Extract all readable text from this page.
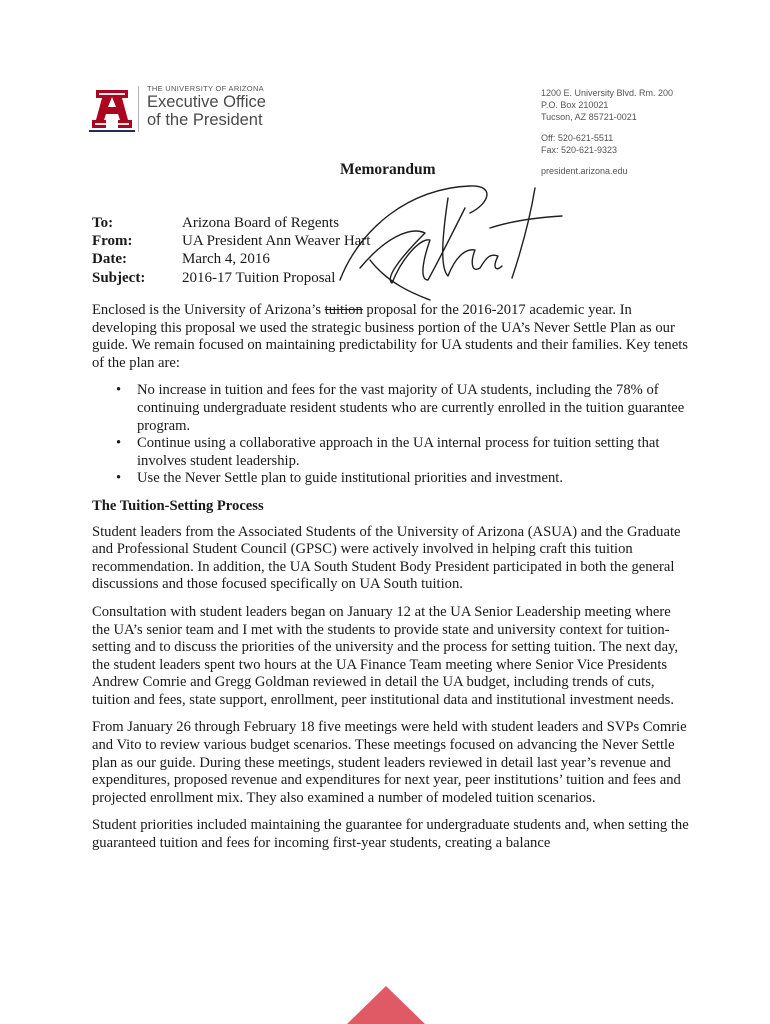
THE UNIVERSITY OF ARIZONA
Executive Office
of the President
1200 E. University Blvd. Rm. 200
P.O. Box 210021
Tucson, AZ 85721-0021
Off: 520-621-5511
Fax: 520-621-9323
president.arizona.edu
Memorandum
To:	Arizona Board of Regents
From:	UA President Ann Weaver Hart
Date:	March 4, 2016
Subject:	2016-17 Tuition Proposal

Enclosed is the University of Arizona’s tuition proposal for the 2016-2017 academic year. In developing this proposal we used the strategic business portion of the UA’s Never Settle Plan as our guide. We remain focused on maintaining predictability for UA students and their families. Key tenets of the plan are:

• No increase in tuition and fees for the vast majority of UA students, including the 78% of continuing undergraduate resident students who are currently enrolled in the tuition guarantee program.
• Continue using a collaborative approach in the UA internal process for tuition setting that involves student leadership.
• Use the Never Settle plan to guide institutional priorities and investment.
The Tuition-Setting Process

Student leaders from the Associated Students of the University of Arizona (ASUA) and the Graduate and Professional Student Council (GPSC) were actively involved in helping craft this tuition recommendation. In addition, the UA South Student Body President participated in both the general discussions and those focused specifically on UA South tuition.

Consultation with student leaders began on January 12 at the UA Senior Leadership meeting where the UA’s senior team and I met with the students to provide state and university context for tuition-setting and to discuss the priorities of the university and the process for setting tuition. The next day, the student leaders spent two hours at the UA Finance Team meeting where Senior Vice Presidents Andrew Comrie and Gregg Goldman reviewed in detail the UA budget, including trends of cuts, tuition and fees, state support, enrollment, peer institutional data and institutional investment needs.

From January 26 through February 18 five meetings were held with student leaders and SVPs Comrie and Vito to review various budget scenarios. These meetings focused on advancing the Never Settle plan as our guide. During these meetings, student leaders reviewed in detail last year’s revenue and expenditures, proposed revenue and expenditures for next year, peer institutions’ tuition and fees and projected enrollment mix. They also examined a number of modeled tuition scenarios.

Student priorities included maintaining the guarantee for undergraduate students and, when setting the guaranteed tuition and fees for incoming first-year students, creating a balance
